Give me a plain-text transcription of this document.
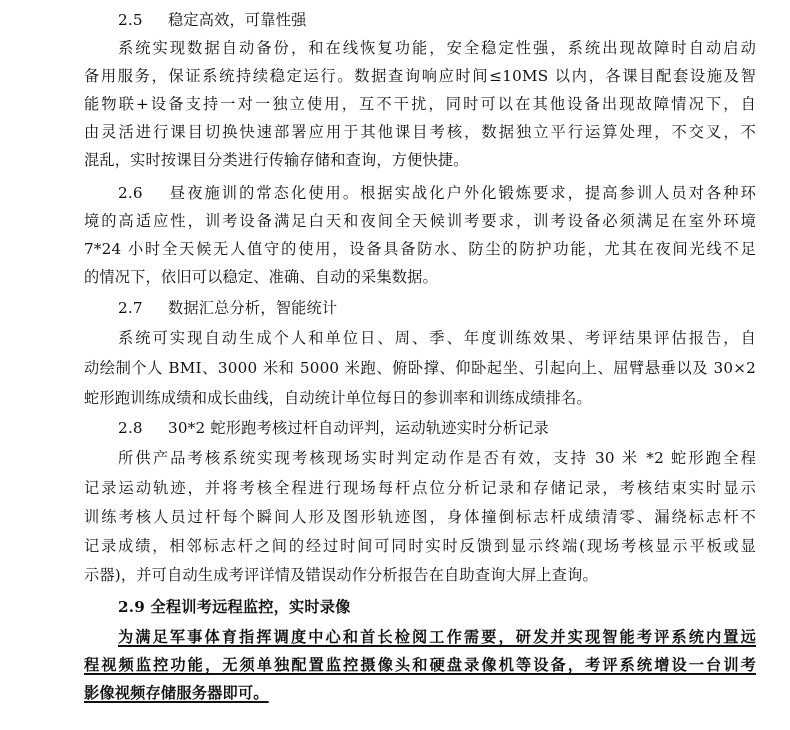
2.5 稳定高效，可靠性强
系统实现数据自动备份，和在线恢复功能，安全稳定性强，系统出现故障时自动启动
备用服务，保证系统持续稳定运行。数据查询响应时间≤10MS 以内，各课目配套设施及智
能物联+设备支持一对一独立使用，互不干扰，同时可以在其他设备出现故障情况下，自
由灵活进行课目切换快速部署应用于其他课目考核，数据独立平行运算处理，不交叉，不
混乱，实时按课目分类进行传输存储和查询，方便快捷。
2.6 昼夜施训的常态化使用。根据实战化户外化锻炼要求，提高参训人员对各种环
境的高适应性，训考设备满足白天和夜间全天候训考要求，训考设备必须满足在室外环境
7*24 小时全天候无人值守的使用，设备具备防水、防尘的防护功能，尤其在夜间光线不足
的情况下，依旧可以稳定、准确、自动的采集数据。
2.7 数据汇总分析，智能统计
系统可实现自动生成个人和单位日、周、季、年度训练效果、考评结果评估报告，自
动绘制个人 BMI、3000 米和 5000 米跑、俯卧撑、仰卧起坐、引起向上、屈臂悬垂以及 30×2
蛇形跑训练成绩和成长曲线，自动统计单位每日的参训率和训练成绩排名。
2.8 30*2 蛇形跑考核过杆自动评判，运动轨迹实时分析记录
所供产品考核系统实现考核现场实时判定动作是否有效，支持 30 米 *2 蛇形跑全程
记录运动轨迹，并将考核全程进行现场每杆点位分析记录和存储记录，考核结束实时显示
训练考核人员过杆每个瞬间人形及图形轨迹图，身体撞倒标志杆成绩清零、漏绕标志杆不
记录成绩，相邻标志杆之间的经过时间可同时实时反馈到显示终端(现场考核显示平板或显
示器)，并可自动生成考评详情及错误动作分析报告在自助查询大屏上查询。
2.9 全程训考远程监控，实时录像
为满足军事体育指挥调度中心和首长检阅工作需要，研发并实现智能考评系统内置远
程视频监控功能，无须单独配置监控摄像头和硬盘录像机等设备，考评系统增设一台训考
影像视频存储服务器即可。
